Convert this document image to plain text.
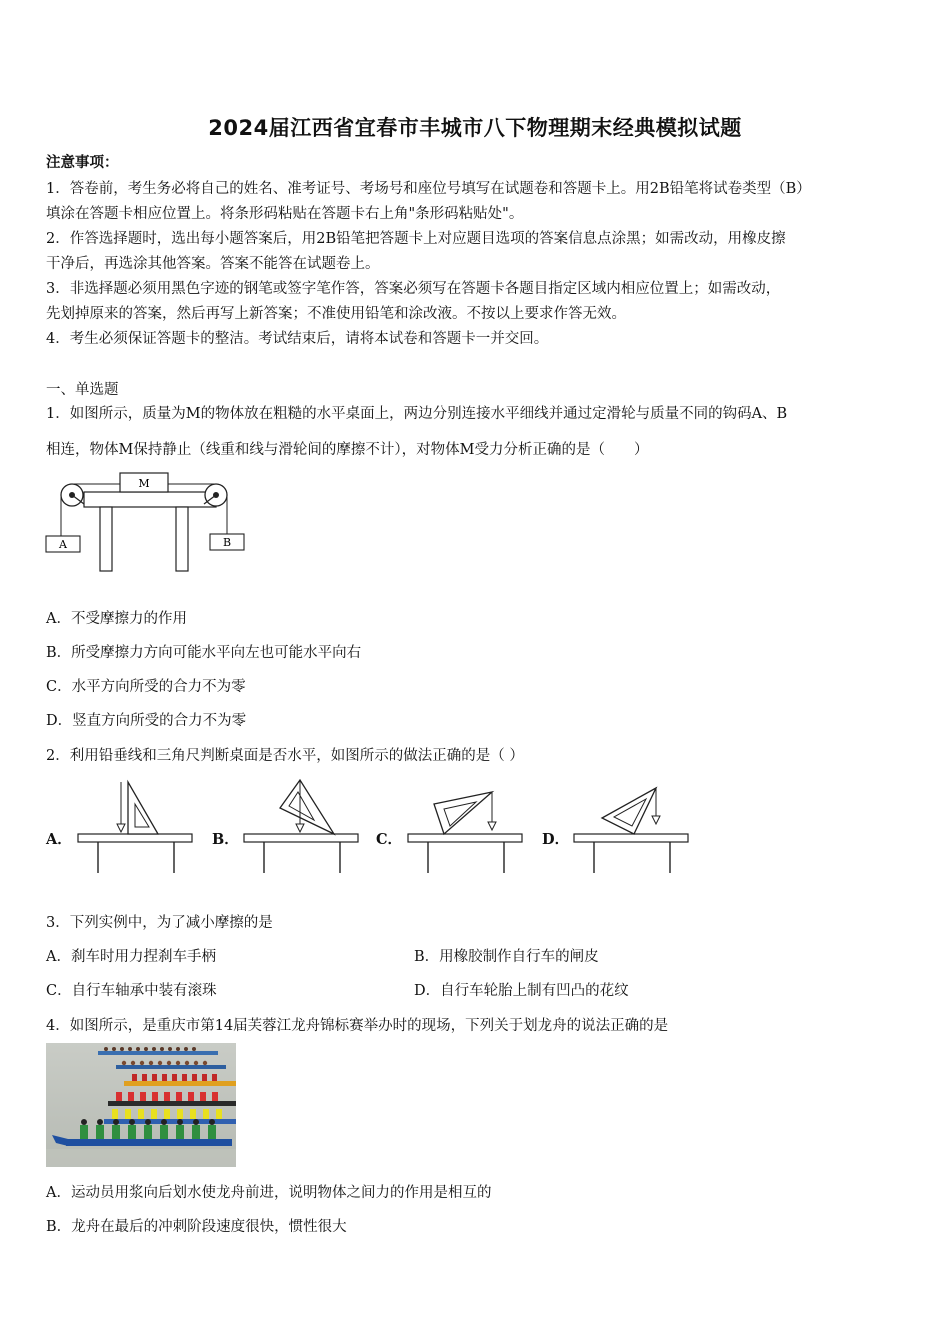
2024届江西省宜春市丰城市八下物理期末经典模拟试题
注意事项：
1．答卷前，考生务必将自己的姓名、准考证号、考场号和座位号填写在试题卷和答题卡上。用2B铅笔将试卷类型（B）
填涂在答题卡相应位置上。将条形码粘贴在答题卡右上角"条形码粘贴处"。
2．作答选择题时，选出每小题答案后，用2B铅笔把答题卡上对应题目选项的答案信息点涂黑；如需改动，用橡皮擦
干净后，再选涂其他答案。答案不能答在试题卷上。
3．非选择题必须用黑色字迹的钢笔或签字笔作答，答案必须写在答题卡各题目指定区域内相应位置上；如需改动，
先划掉原来的答案，然后再写上新答案；不准使用铅笔和涂改液。不按以上要求作答无效。
4．考生必须保证答题卡的整洁。考试结束后，请将本试卷和答题卡一并交回。
一、单选题
1．如图所示，质量为M的物体放在粗糙的水平桌面上，两边分别连接水平细线并通过定滑轮与质量不同的钩码A、B
相连，物体M保持静止（线重和线与滑轮间的摩擦不计），对物体M受力分析正确的是（　　）
M
A	B
A．不受摩擦力的作用
B．所受摩擦力方向可能水平向左也可能水平向右
C．水平方向所受的合力不为零
D．竖直方向所受的合力不为零
2．利用铅垂线和三角尺判断桌面是否水平，如图所示的做法正确的是（ ）
A．	B．	C．	D．
3．下列实例中，为了减小摩擦的是
A．刹车时用力捏刹车手柄	B．用橡胶制作自行车的闸皮
C．自行车轴承中装有滚珠	D．自行车轮胎上制有凹凸的花纹
4．如图所示，是重庆市第14届芙蓉江龙舟锦标赛举办时的现场，下列关于划龙舟的说法正确的是
A．运动员用浆向后划水使龙舟前进，说明物体之间力的作用是相互的
B．龙舟在最后的冲刺阶段速度很快，惯性很大
